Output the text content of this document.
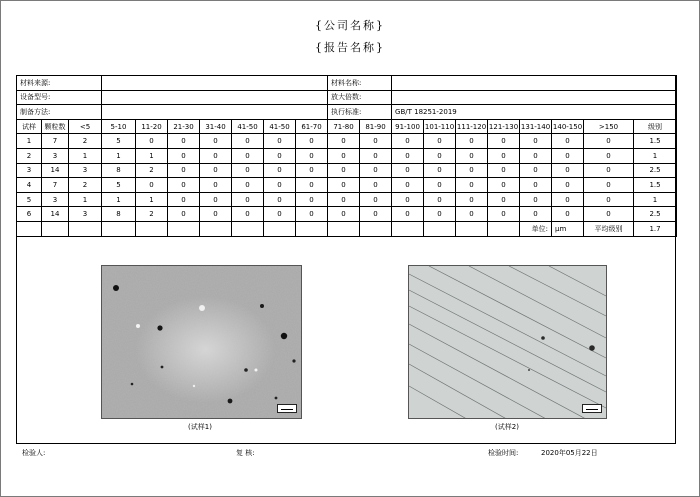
{公司名称}
{报告名称}
材料来源:										材料名称:									
设备型号:										放大倍数:									
制备方法:										执行标准:		GB/T 18251-2019							
试样	颗粒数	<5	5-10	11-20	21-30	31-40	41-50	41-50	61-70	71-80	81-90	91-100	101-110	111-120	121-130	131-140	140-150	>150	级别
1	7	2	5	0	0	0	0	0	0	0	0	0	0	0	0	0	0	0	1.5
2	3	1	1	1	0	0	0	0	0	0	0	0	0	0	0	0	0	0	1
3	14	3	8	2	0	0	0	0	0	0	0	0	0	0	0	0	0	0	2.5
4	7	2	5	0	0	0	0	0	0	0	0	0	0	0	0	0	0	0	1.5
5	3	1	1	1	0	0	0	0	0	0	0	0	0	0	0	0	0	0	1
6	14	3	8	2	0	0	0	0	0	0	0	0	0	0	0	0	0	0	2.5
																单位:	μm	平均级别	1.7
(试样1)	(试样2)
检验人:	复 核:	检验时间:	2020年05月22日
